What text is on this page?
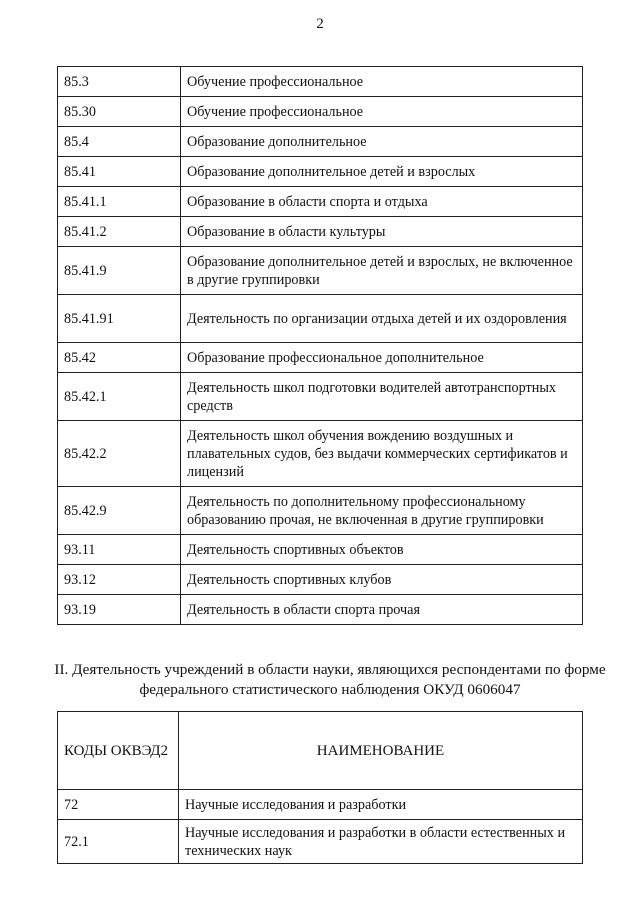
2
85.3	Обучение профессиональное
85.30	Обучение профессиональное
85.4	Образование дополнительное
85.41	Образование дополнительное детей и взрослых
85.41.1	Образование в области спорта и отдыха
85.41.2	Образование в области культуры
85.41.9	Образование дополнительное детей и взрослых, не включенное в другие группировки
85.41.91	Деятельность по организации отдыха детей и их оздоровления
85.42	Образование профессиональное дополнительное
85.42.1	Деятельность школ подготовки водителей автотранспортных средств
85.42.2	Деятельность школ обучения вождению воздушных и плавательных судов, без выдачи коммерческих сертификатов и лицензий
85.42.9	Деятельность по дополнительному профессиональному образованию прочая, не включенная в другие группировки
93.11	Деятельность спортивных объектов
93.12	Деятельность спортивных клубов
93.19	Деятельность в области спорта прочая
II. Деятельность учреждений в области науки, являющихся респондентами по форме федерального статистического наблюдения ОКУД 0606047
КОДЫ ОКВЭД2	НАИМЕНОВАНИЕ
72	Научные исследования и разработки
72.1	Научные исследования и разработки в области естественных и технических наук
